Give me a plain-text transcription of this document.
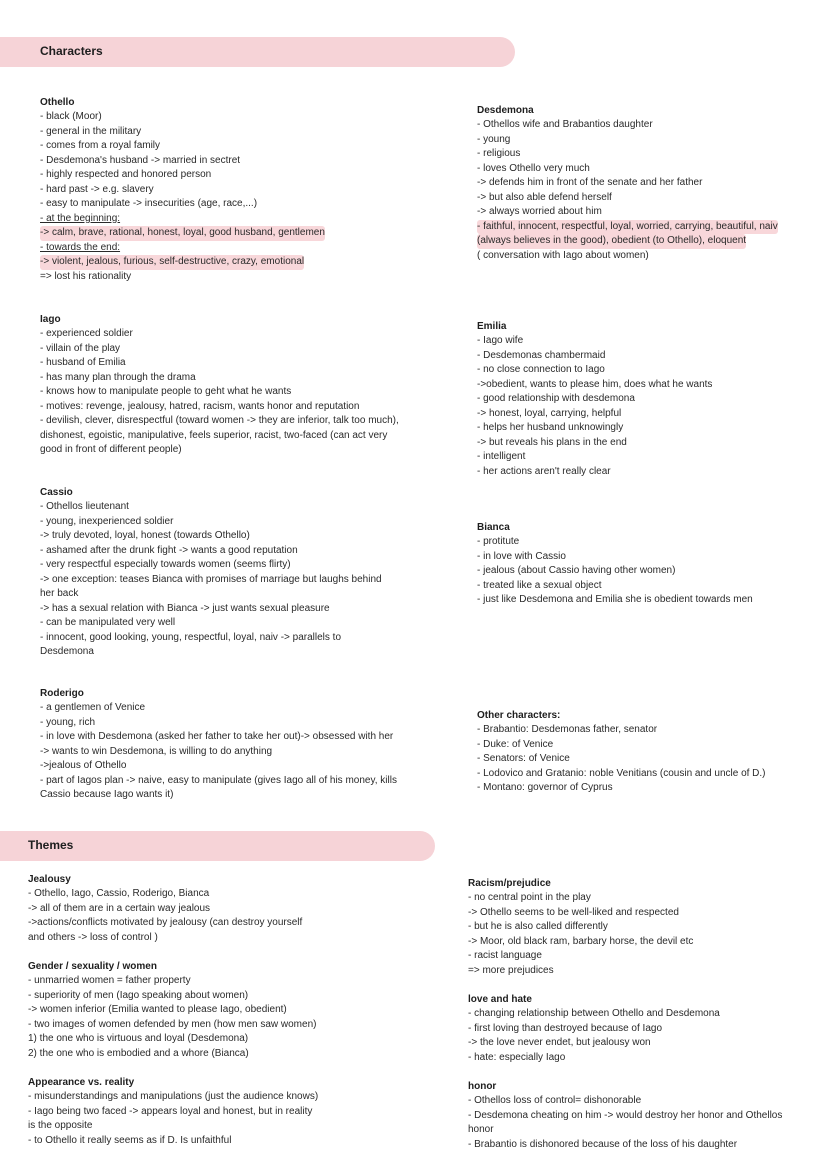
Characters
Othello
- black (Moor)
- general in the military
- comes from a royal family
- Desdemona's husband -> married in sectret
- highly respected and honored person
- hard past -> e.g. slavery
- easy to manipulate -> insecurities (age, race,...)
- at the beginning:
-> calm, brave, rational, honest, loyal, good husband, gentlemen
- towards the end:
-> violent, jealous, furious, self-destructive, crazy, emotional
=> lost his rationality
Desdemona
- Othellos wife and Brabantios daughter
- young
- religious
- loves Othello very much
-> defends him in front of the senate and her father
-> but also able defend herself
-> always worried about him
- faithful, innocent, respectful, loyal, worried, carrying, beautiful, naiv
(always believes in the good), obedient (to Othello), eloquent
( conversation with Iago about women)
Iago
- experienced soldier
- villain of the play
- husband of Emilia
- has many plan through the drama
- knows how to manipulate people to geht what he wants
- motives: revenge, jealousy, hatred, racism, wants honor and reputation
- devilish, clever, disrespectful (toward women -> they are inferior, talk too much),
dishonest, egoistic, manipulative, feels superior, racist, two-faced (can act very
good in front of different people)
Emilia
- Iago wife
- Desdemonas chambermaid
- no close connection to Iago
->obedient, wants to please him, does what he wants
- good relationship with desdemona
-> honest, loyal, carrying, helpful
- helps her husband unknowingly
-> but reveals his plans in the end
- intelligent
- her actions aren't really clear
Cassio
- Othellos lieutenant
- young, inexperienced soldier
-> truly devoted, loyal, honest (towards Othello)
- ashamed after the drunk fight -> wants a good reputation
- very respectful especially towards women (seems flirty)
-> one exception: teases Bianca with promises of marriage but laughs behind
her back
-> has a sexual relation with Bianca -> just wants sexual pleasure
- can be manipulated very well
- innocent, good looking, young, respectful, loyal, naiv -> parallels to
Desdemona
Bianca
- protitute
- in love with Cassio
- jealous (about Cassio having other women)
- treated like a sexual object
- just like Desdemona and Emilia she is obedient towards men
Roderigo
- a gentlemen of Venice
- young, rich
- in love with Desdemona (asked her father to take her out)-> obsessed with her
-> wants to win Desdemona, is willing to do anything
->jealous of Othello
- part of Iagos plan -> naive, easy to manipulate (gives Iago all of his money, kills
Cassio because Iago wants it)
Other characters:
- Brabantio: Desdemonas father, senator
- Duke: of Venice
- Senators: of Venice
- Lodovico and Gratanio: noble Venitians (cousin and uncle of D.)
- Montano: governor of Cyprus
Themes
Jealousy
- Othello, Iago, Cassio, Roderigo, Bianca
-> all of them are in a certain way jealous
->actions/conflicts motivated by jealousy (can destroy yourself
and others -> loss of control )
Gender / sexuality / women
- unmarried women = father property
- superiority of men (Iago speaking about women)
-> women inferior (Emilia wanted to please Iago, obedient)
- two images of women defended by men (how men saw women)
1) the one who is virtuous and loyal (Desdemona)
2) the one who is embodied and a whore (Bianca)
Appearance vs. reality
- misunderstandings and manipulations (just the audience knows)
- Iago being two faced -> appears loyal and honest, but in reality
is the opposite
- to Othello it really seems as if D. Is unfaithful
Racism/prejudice
- no central point in the play
-> Othello seems to be well-liked and respected
- but he is also called differently
-> Moor, old black ram, barbary horse, the devil etc
- racist language
=> more prejudices
love and hate
- changing relationship between Othello and Desdemona
- first loving than destroyed because of Iago
-> the love never endet, but jealousy won
- hate: especially Iago
honor
- Othellos loss of control= dishonorable
- Desdemona cheating on him -> would destroy her honor and Othellos
honor
- Brabantio is dishonored because of the loss of his daughter
